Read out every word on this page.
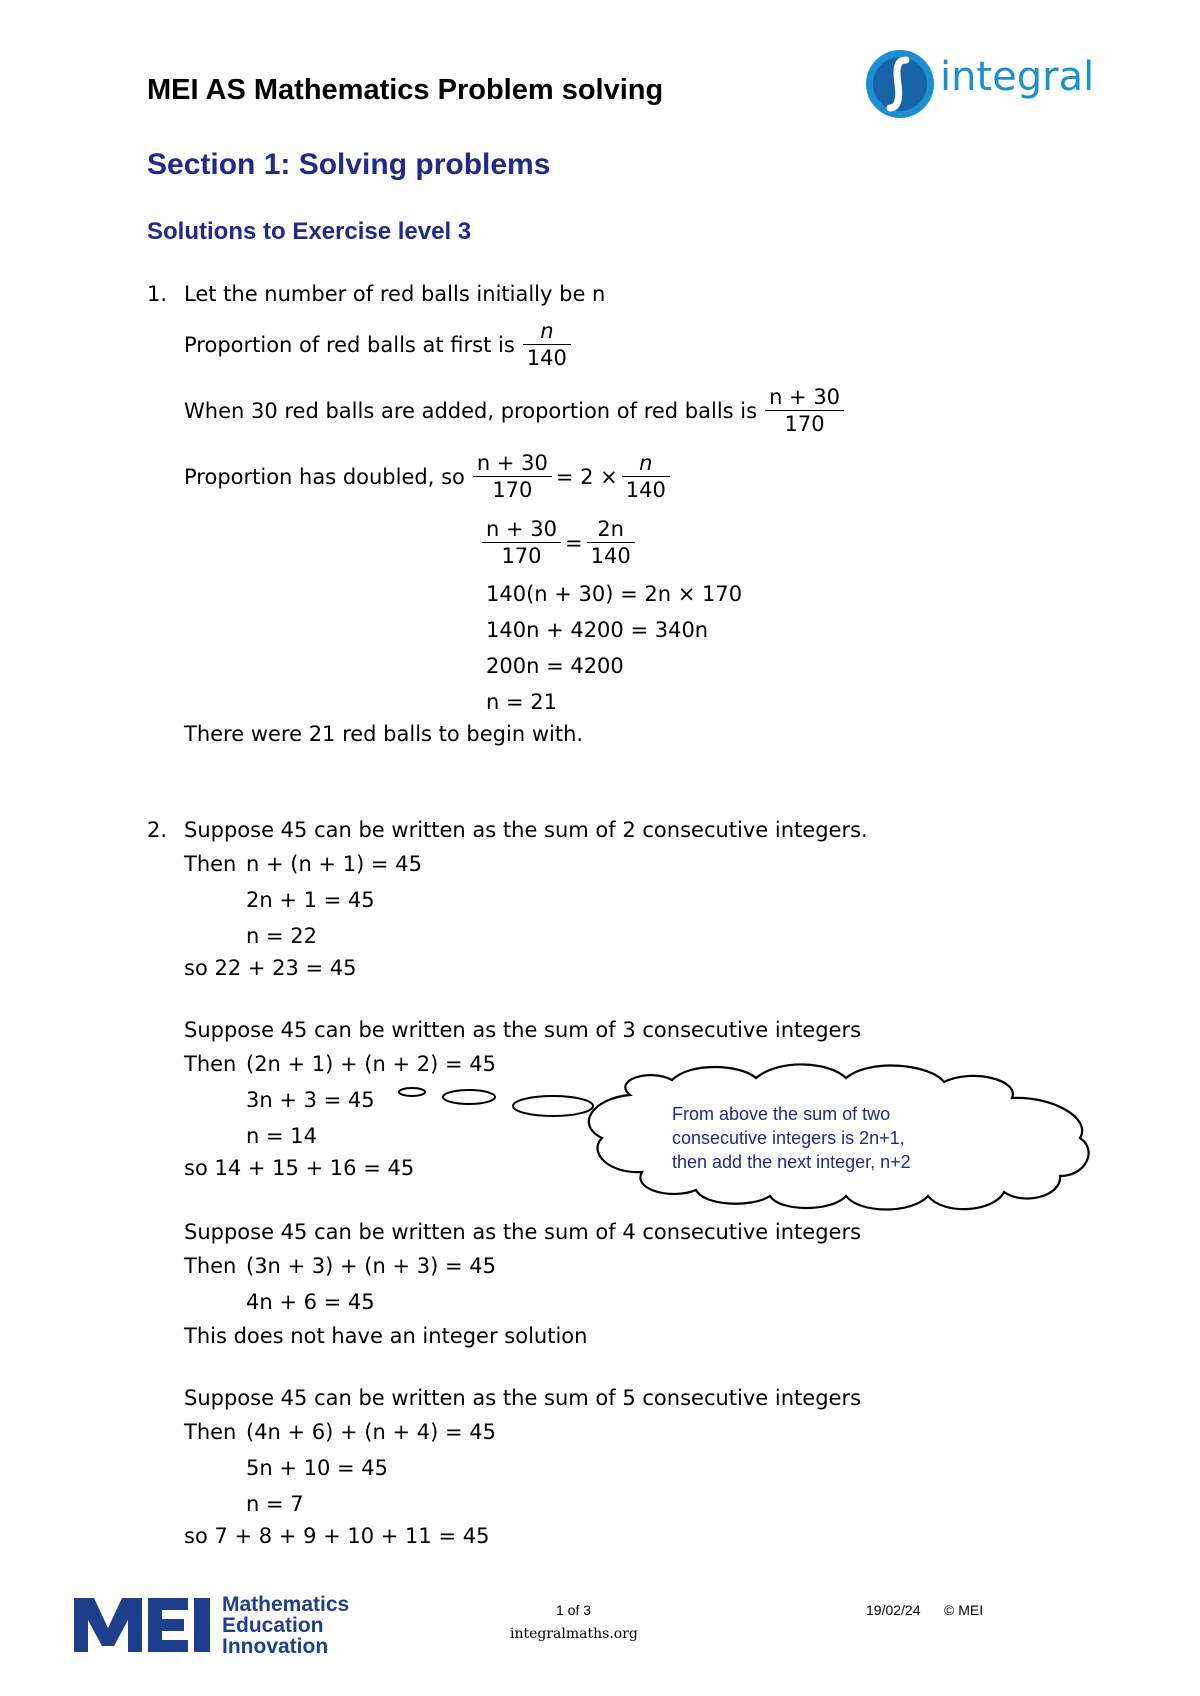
MEI AS Mathematics Problem solving	integral
Section 1: Solving problems
Solutions to Exercise level 3
1. Let the number of red balls initially be n
Proportion of red balls at first is $\frac{n}{140}$
When 30 red balls are added, proportion of red balls is $\frac{n + 30}{170}$
Proportion has doubled, so $\frac{n + 30}{170} = 2 \times \frac{n}{140}$
$\frac{n + 30}{170} = \frac{2n}{140}$
140(n + 30) = 2n × 170
140n + 4200 = 340n
200n = 4200
n = 21
There were 21 red balls to begin with.
2. Suppose 45 can be written as the sum of 2 consecutive integers.
Then n + (n + 1) = 45
2n + 1 = 45
n = 22
so 22 + 23 = 45
Suppose 45 can be written as the sum of 3 consecutive integers
Then (2n + 1) + (n + 2) = 45
3n + 3 = 45
n = 14
so 14 + 15 + 16 = 45
Suppose 45 can be written as the sum of 4 consecutive integers
Then (3n + 3) + (n + 3) = 45
4n + 6 = 45
This does not have an integer solution
Suppose 45 can be written as the sum of 5 consecutive integers
Then (4n + 6) + (n + 4) = 45
5n + 10 = 45
n = 7
so 7 + 8 + 9 + 10 + 11 = 45
From above the sum of two
consecutive integers is 2n+1,
then add the next integer, n+2
Mathematics
Education
Innovation
1 of 3
integralmaths.org
19/02/24 © MEI
